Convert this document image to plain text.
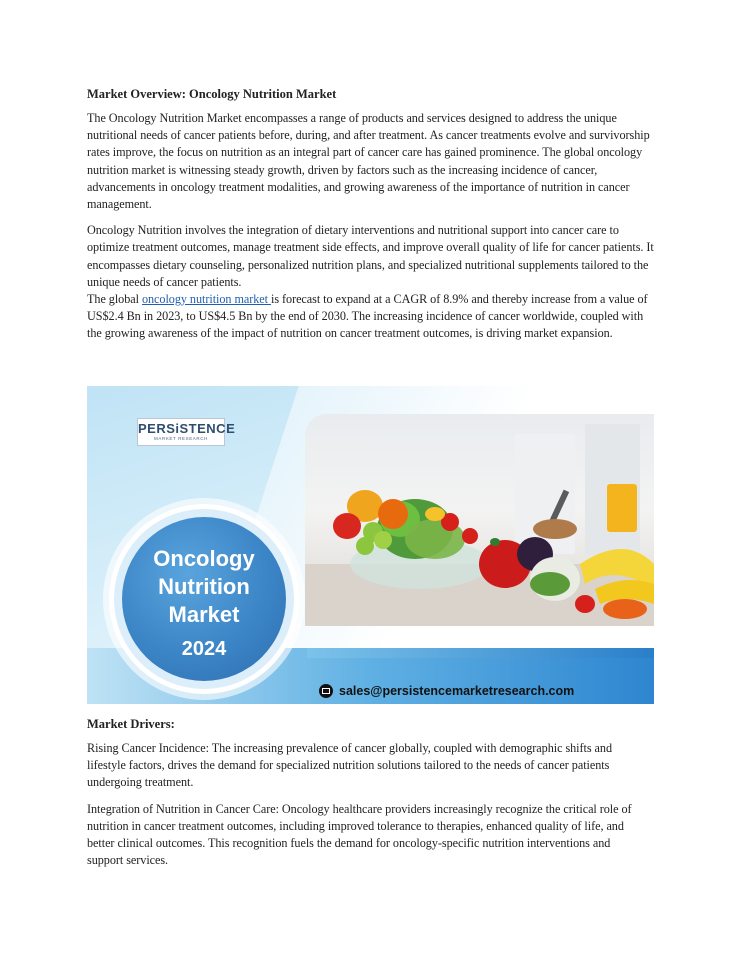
Market Overview: Oncology Nutrition Market

The Oncology Nutrition Market encompasses a range of products and services designed to address the unique nutritional needs of cancer patients before, during, and after treatment. As cancer treatments evolve and survivorship rates improve, the focus on nutrition as an integral part of cancer care has gained prominence. The global oncology nutrition market is witnessing steady growth, driven by factors such as the increasing incidence of cancer, advancements in oncology treatment modalities, and growing awareness of the importance of nutrition in cancer management.

Oncology Nutrition involves the integration of dietary interventions and nutritional support into cancer care to optimize treatment outcomes, manage treatment side effects, and improve overall quality of life for cancer patients. It encompasses dietary counseling, personalized nutrition plans, and specialized nutritional supplements tailored to the unique needs of cancer patients.

The global oncology nutrition market is forecast to expand at a CAGR of 8.9% and thereby increase from a value of US$2.4 Bn in 2023, to US$4.5 Bn by the end of 2030. The increasing incidence of cancer worldwide, coupled with the growing awareness of the impact of nutrition on cancer treatment outcomes, is driving market expansion.

PERSiSTENCE
MARKET RESEARCH
Oncology
Nutrition
Market
2024
sales@persistencemarketresearch.com
Market Drivers:

Rising Cancer Incidence: The increasing prevalence of cancer globally, coupled with demographic shifts and lifestyle factors, drives the demand for specialized nutrition solutions tailored to the needs of cancer patients undergoing treatment.

Integration of Nutrition in Cancer Care: Oncology healthcare providers increasingly recognize the critical role of nutrition in cancer treatment outcomes, including improved tolerance to therapies, enhanced quality of life, and better clinical outcomes. This recognition fuels the demand for oncology-specific nutrition interventions and support services.
